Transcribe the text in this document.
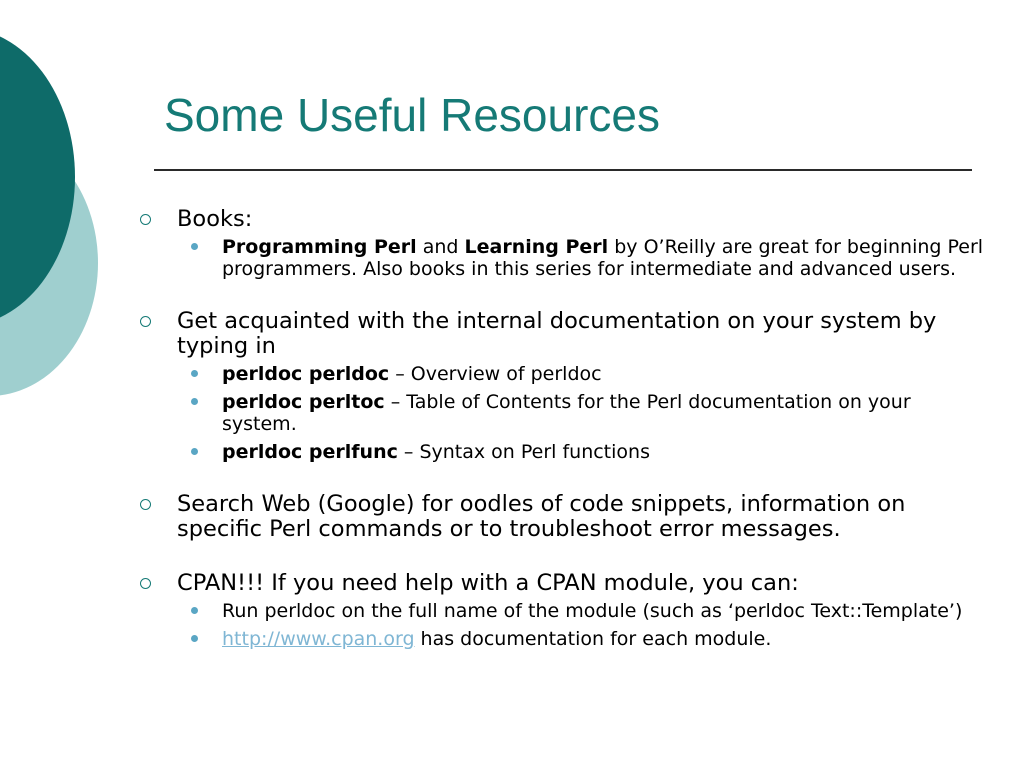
Some Useful Resources
Books:
Programming Perl and Learning Perl by O’Reilly are great for beginning Perl programmers. Also books in this series for intermediate and advanced users.
Get acquainted with the internal documentation on your system by typing in
perldoc perldoc – Overview of perldoc
perldoc perltoc – Table of Contents for the Perl documentation on your system.
perldoc perlfunc – Syntax on Perl functions
Search Web (Google) for oodles of code snippets, information on specific Perl commands or to troubleshoot error messages.
CPAN!!! If you need help with a CPAN module, you can:
Run perldoc on the full name of the module (such as ‘perldoc Text::Template’)
http://www.cpan.org has documentation for each module.
